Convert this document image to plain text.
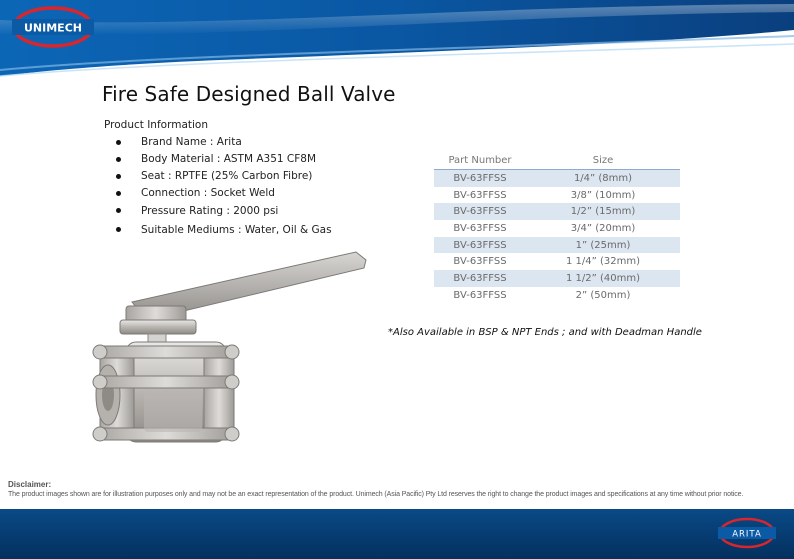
UNIMECH
Fire Safe Designed Ball Valve
Product Information
Brand Name : Arita
Body Material : ASTM A351 CF8M
Seat : RPTFE (25% Carbon Fibre)
Connection : Socket Weld
Pressure Rating : 2000 psi
Suitable Mediums : Water, Oil & Gas
Part Number	Size
BV-63FFSS	1/4” (8mm)
BV-63FFSS	3/8” (10mm)
BV-63FFSS	1/2” (15mm)
BV-63FFSS	3/4” (20mm)
BV-63FFSS	1” (25mm)
BV-63FFSS	1 1/4” (32mm)
BV-63FFSS	1 1/2” (40mm)
BV-63FFSS	2” (50mm)
*Also Available in BSP & NPT Ends ; and with Deadman Handle
Disclaimer:
The product images shown are for illustration purposes only and may not be an exact representation of the product. Unimech (Asia Pacific) Pty Ltd reserves the right to change the product images and specifications at any time without prior notice.
ARITA
